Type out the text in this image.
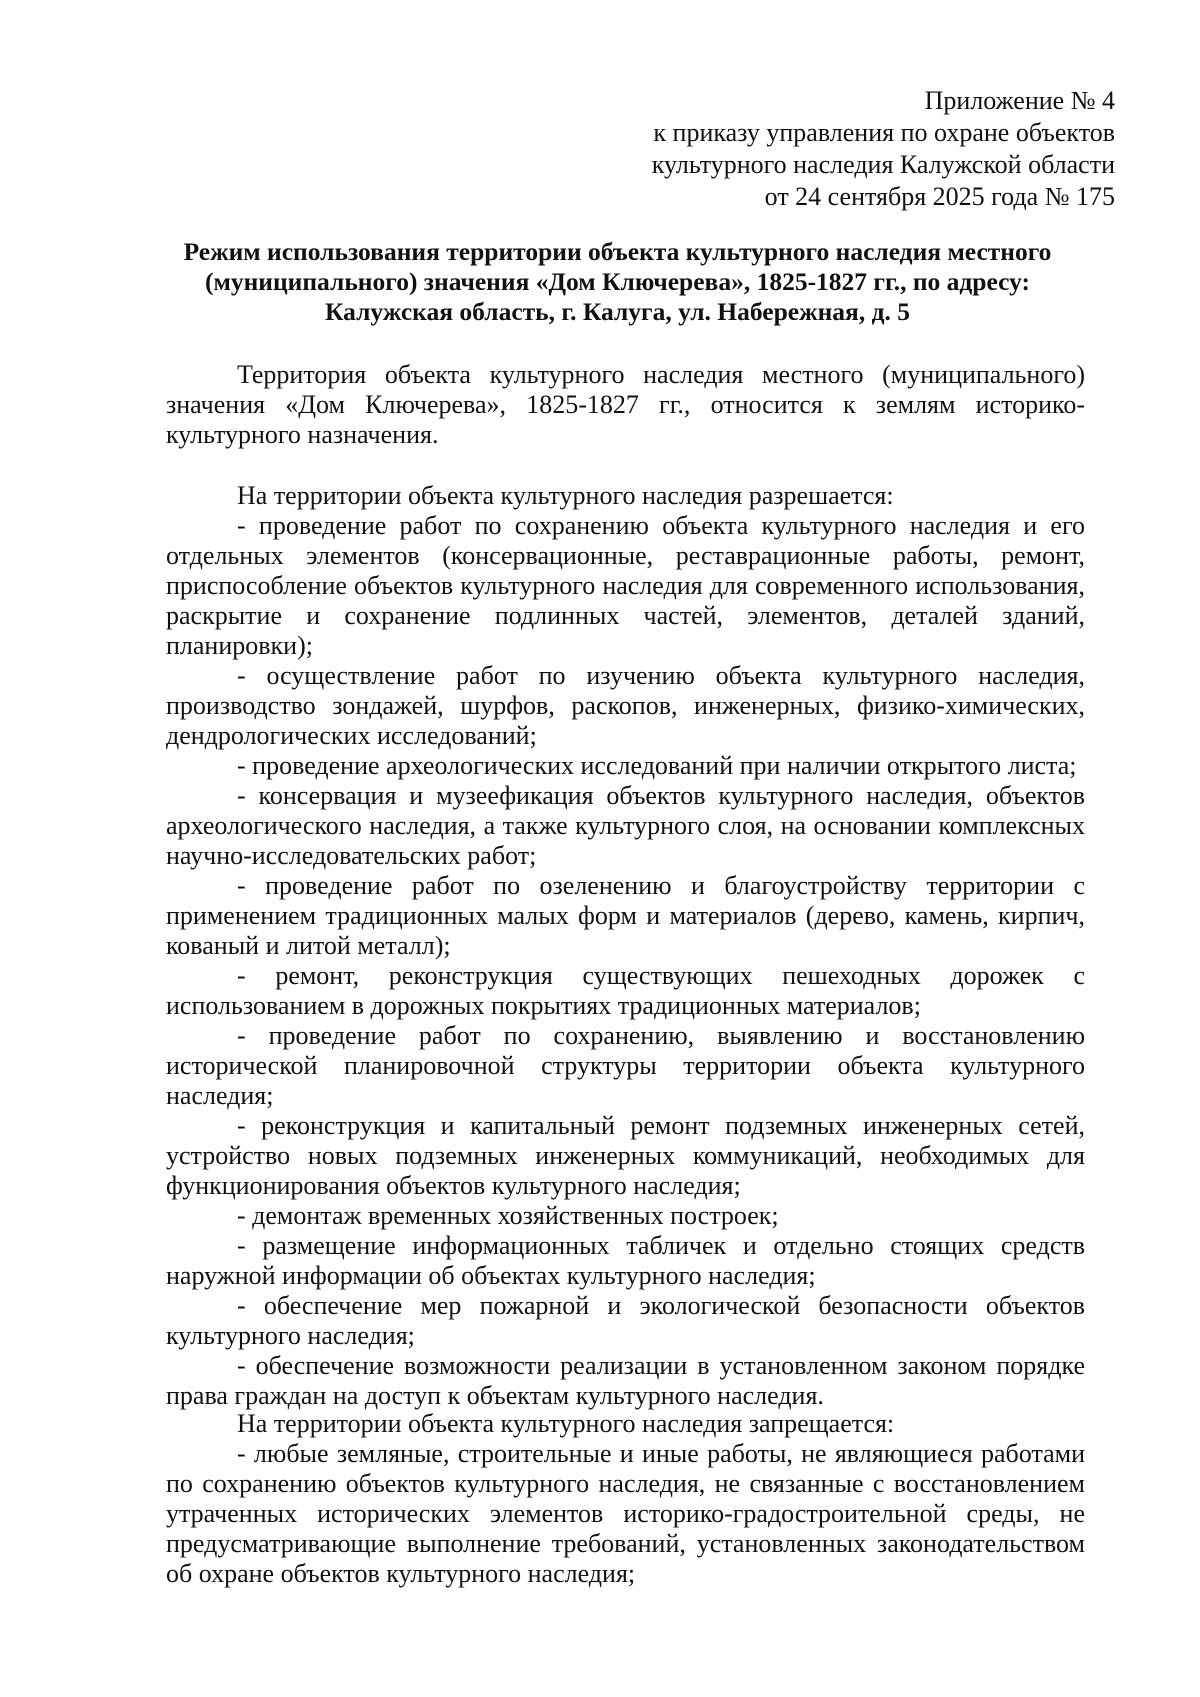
Приложение № 4
к приказу управления по охране объектов
культурного наследия Калужской области
от 24 сентября 2025 года № 175
Режим использования территории объекта культурного наследия местного
(муниципального) значения «Дом Ключерева», 1825-1827 гг., по адресу:
Калужская область, г. Калуга, ул. Набережная, д. 5

Территория объекта культурного наследия местного (муниципального) значения «Дом Ключерева», 1825-1827 гг., относится к землям историко-культурного назначения.

На территории объекта культурного наследия разрешается:

- проведение работ по сохранению объекта культурного наследия и его отдельных элементов (консервационные, реставрационные работы, ремонт, приспособление объектов культурного наследия для современного использования, раскрытие и сохранение подлинных частей, элементов, деталей зданий, планировки);

- осуществление работ по изучению объекта культурного наследия, производство зондажей, шурфов, раскопов, инженерных, физико-химических, дендрологических исследований;

- проведение археологических исследований при наличии открытого листа;

- консервация и музеефикация объектов культурного наследия, объектов археологического наследия, а также культурного слоя, на основании комплексных научно-исследовательских работ;

- проведение работ по озеленению и благоустройству территории с применением традиционных малых форм и материалов (дерево, камень, кирпич, кованый и литой металл);

- ремонт, реконструкция существующих пешеходных дорожек с использованием в дорожных покрытиях традиционных материалов;

- проведение работ по сохранению, выявлению и восстановлению исторической планировочной структуры территории объекта культурного наследия;

- реконструкция и капитальный ремонт подземных инженерных сетей, устройство новых подземных инженерных коммуникаций, необходимых для функционирования объектов культурного наследия;

- демонтаж временных хозяйственных построек;

- размещение информационных табличек и отдельно стоящих средств наружной информации об объектах культурного наследия;

- обеспечение мер пожарной и экологической безопасности объектов культурного наследия;

- обеспечение возможности реализации в установленном законом порядке права граждан на доступ к объектам культурного наследия.

На территории объекта культурного наследия запрещается:

- любые земляные, строительные и иные работы, не являющиеся работами по сохранению объектов культурного наследия, не связанные с восстановлением утраченных исторических элементов историко-градостроительной среды, не предусматривающие выполнение требований, установленных законодательством об охране объектов культурного наследия;
